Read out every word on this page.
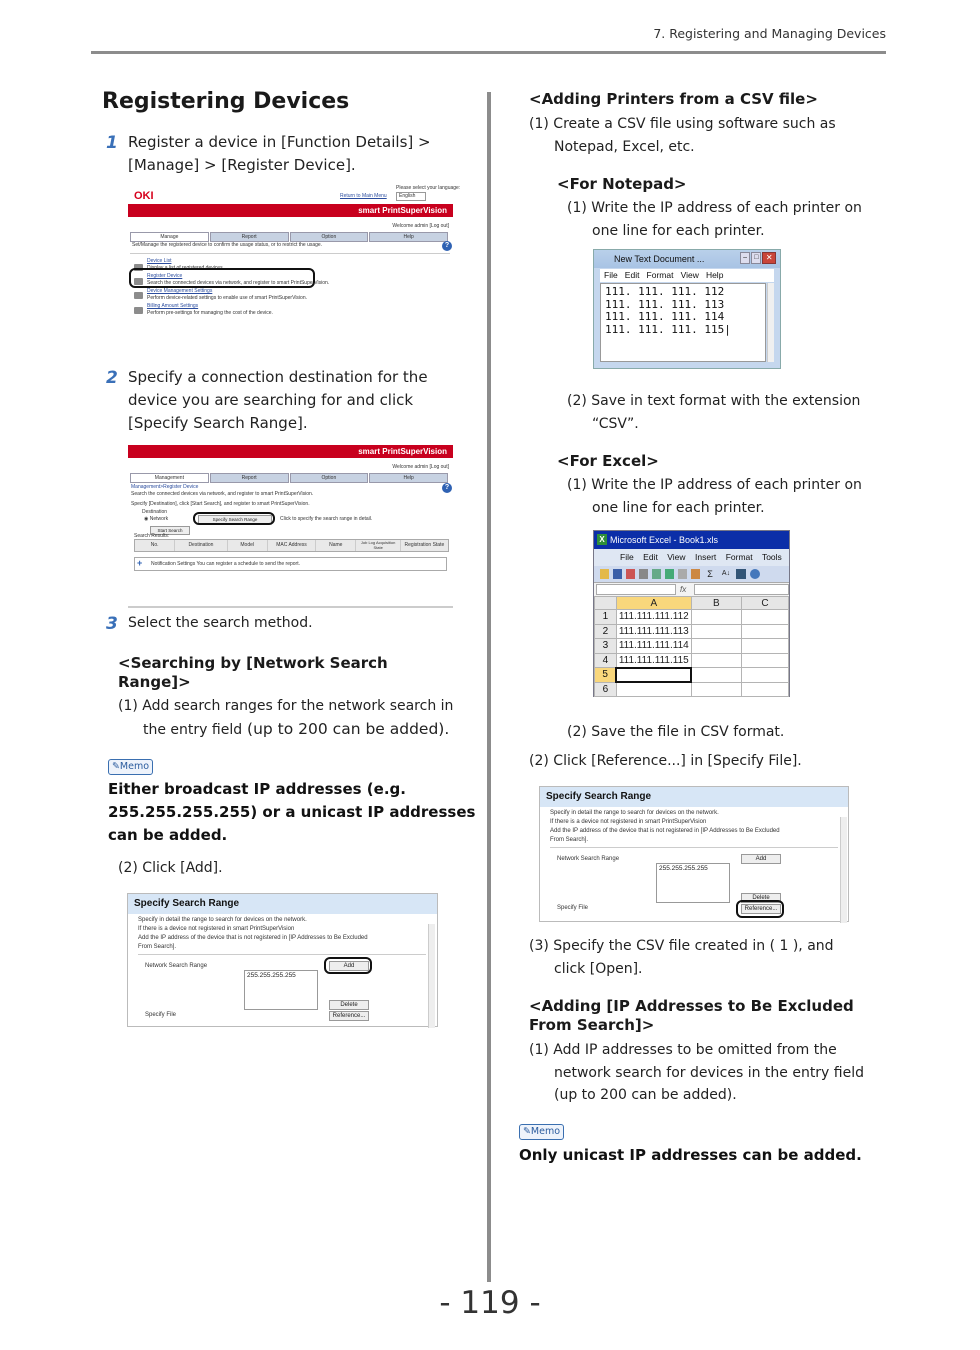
7. Registering and Managing Devices
Registering Devices
1 Register a device in [Function Details] >
[Manage] > [Register Device].
OKI	Return to Main Menu
Please select your language:
English
smart PrintSuperVision
Welcome admin [Log out]
Manage	Report	Option	Help
Set/Manage the registered device to confirm the usage status, or to restrict the usage.	?
Device List
Display a list of registered devices.
Register Device
Search the connected devices via network, and register to smart PrintSuperVision.
Device Management Settings
Perform device-related settings to enable use of smart PrintSuperVision.
Billing Amount Settings
Perform pre-settings for managing the cost of the device.
2 Specify a connection destination for the
device you are searching for and click
[Specify Search Range].
smart PrintSuperVision
Welcome admin [Log out]
Management	Report	Option	Help
Management>Register Device
Search the connected devices via network, and register to smart PrintSuperVision.
?
Specify [Destination], click [Start Search], and register to smart PrintSuperVision.
Destination
◉ Network	Specify Search Range	Click to specify the search range in detail.
Start Search
Search Results:
No.	Destination	Model	MAC Address	Name	Job Log Acquisition State	Registration State
+ Notification Settings You can register a schedule to send the report.
3 Select the search method.
<Searching by [Network Search
Range]>
(1) Add search ranges for the network search in
the entry field (up to 200 can be added).
✎Memo
Either broadcast IP addresses (e.g.
255.255.255.255) or a unicast IP addresses
can be added.
(2) Click [Add].
Specify Search Range
Specify in detail the range to search for devices on the network.
If there is a device not registered in smart PrintSuperVision
Add the IP address of the device that is not registered in [IP Addresses to Be Excluded
From Search].
Network Search Range
255.255.255.255
Add
Delete
Specify File	Reference...
<Adding Printers from a CSV file>
(1) Create a CSV file using software such as
Notepad, Excel, etc.
<For Notepad>
(1) Write the IP address of each printer on
one line for each printer.
New Text Document ...	–	□ ✕
File Edit Format View Help
111. 111. 111. 112
111. 111. 111. 113
111. 111. 111. 114
111. 111. 111. 115|
(2) Save in text format with the extension
“CSV”.
<For Excel>
(1) Write the IP address of each printer on
one line for each printer.
Microsoft Excel - Book1.xls
X
File Edit View Insert Format Tools
Σ	A↓
fx
	A	B	C
1	111.111.111.112		
2	111.111.111.113		
3	111.111.111.114		
4	111.111.111.115		
5			
6			
(2) Save the file in CSV format.
(2) Click [Reference...] in [Specify File].
Specify Search Range
Specify in detail the range to search for devices on the network.
If there is a device not registered in smart PrintSuperVision
Add the IP address of the device that is not registered in [IP Addresses to Be Excluded
From Search].
Network Search Range
255.255.255.255
Add
Delete
Specify File	Reference...
(3) Specify the CSV file created in ( 1 ), and
click [Open].
<Adding [IP Addresses to Be Excluded
From Search]>
(1) Add IP addresses to be omitted from the
network search for devices in the entry field
(up to 200 can be added).
✎Memo
Only unicast IP addresses can be added.
- 119 -
